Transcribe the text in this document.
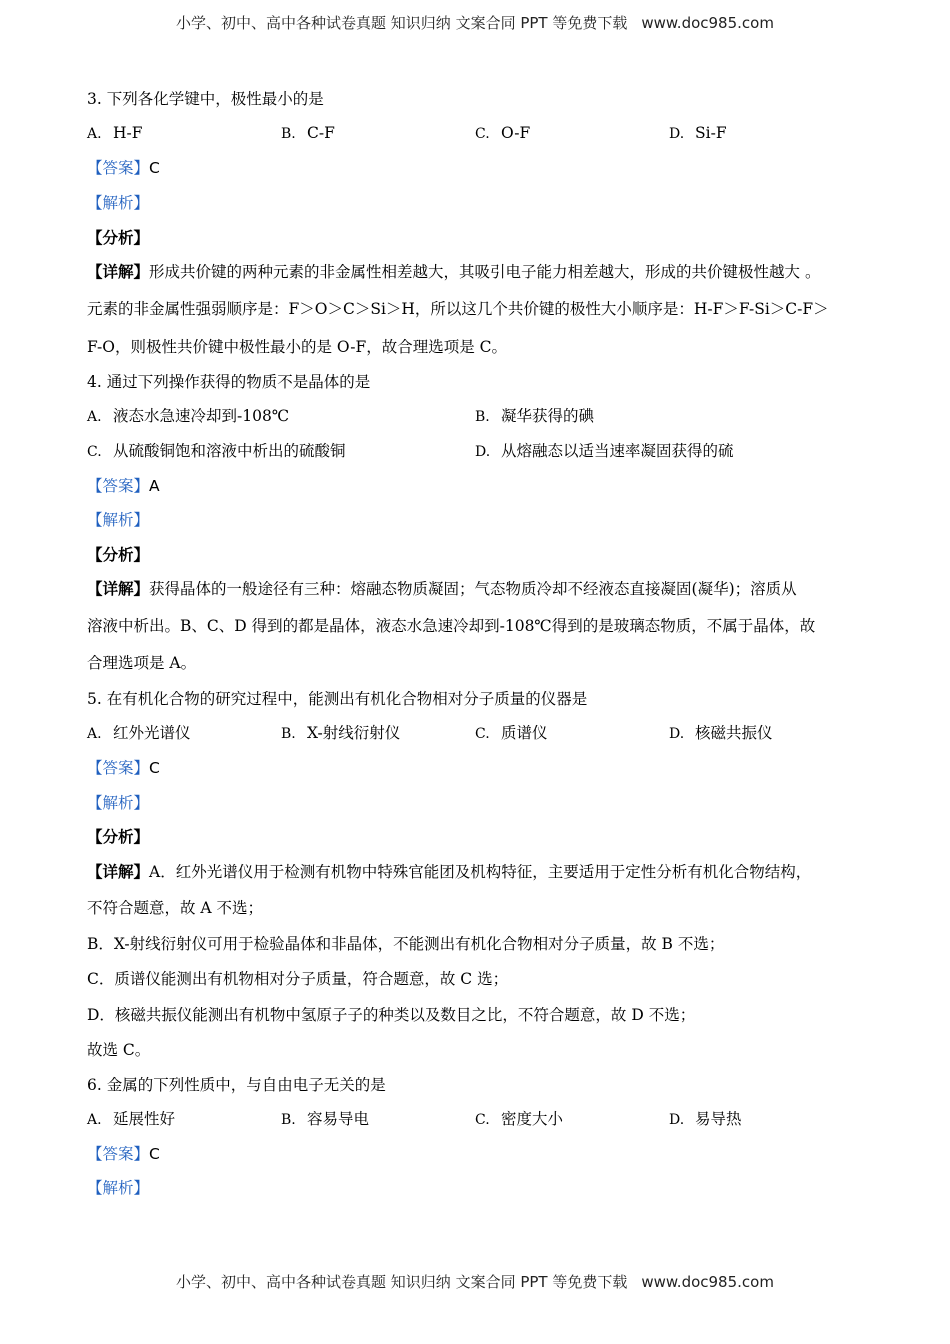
小学、初中、高中各种试卷真题 知识归纳 文案合同 PPT 等免费下载 www.doc985.com
3. 下列各化学键中，极性最小的是
A. H-F	B. C-F	C. O-F	D. Si-F
【答案】C
【解析】
【分析】
【详解】形成共价键的两种元素的非金属性相差越大，其吸引电子能力相差越大，形成的共价键极性越大 。
元素的非金属性强弱顺序是：F＞O＞C＞Si＞H，所以这几个共价键的极性大小顺序是：H-F＞F-Si＞C-F＞
F-O，则极性共价键中极性最小的是 O-F，故合理选项是 C。
4. 通过下列操作获得的物质不是晶体的是
A. 液态水急速冷却到-108℃	B. 凝华获得的碘
C. 从硫酸铜饱和溶液中析出的硫酸铜	D. 从熔融态以适当速率凝固获得的硫
【答案】A
【解析】
【分析】
【详解】获得晶体的一般途径有三种：熔融态物质凝固；气态物质冷却不经液态直接凝固(凝华)；溶质从
溶液中析出。B、C、D 得到的都是晶体，液态水急速冷却到-108℃得到的是玻璃态物质，不属于晶体，故
合理选项是 A。
5. 在有机化合物的研究过程中，能测出有机化合物相对分子质量的仪器是
A. 红外光谱仪	B. X-射线衍射仪	C. 质谱仪	D. 核磁共振仪
【答案】C
【解析】
【分析】
【详解】A．红外光谱仪用于检测有机物中特殊官能团及机构特征，主要适用于定性分析有机化合物结构，
不符合题意，故 A 不选；
B．X-射线衍射仪可用于检验晶体和非晶体，不能测出有机化合物相对分子质量，故 B 不选；
C．质谱仪能测出有机物相对分子质量，符合题意，故 C 选；
D．核磁共振仪能测出有机物中氢原子子的种类以及数目之比，不符合题意，故 D 不选；
故选 C。
6. 金属的下列性质中，与自由电子无关的是
A. 延展性好	B. 容易导电	C. 密度大小	D. 易导热
【答案】C
【解析】
小学、初中、高中各种试卷真题 知识归纳 文案合同 PPT 等免费下载 www.doc985.com
